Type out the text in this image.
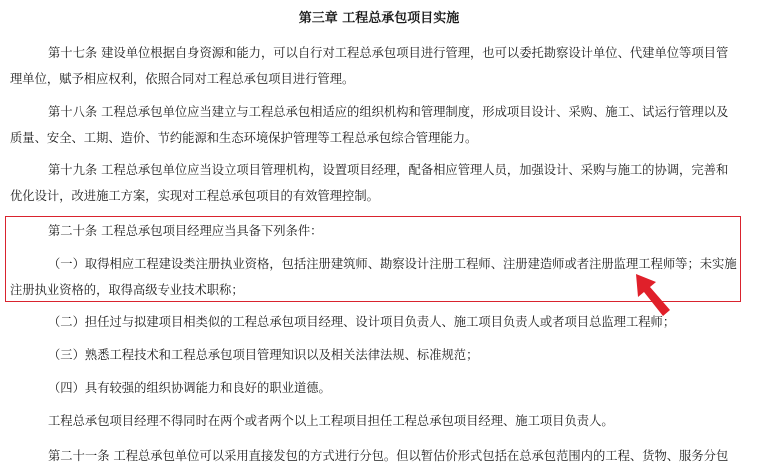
第三章 工程总承包项目实施
第十七条 建设单位根据自身资源和能力，可以自行对工程总承包项目进行管理，也可以委托勘察设计单位、代建单位等项目管
理单位，赋予相应权利，依照合同对工程总承包项目进行管理。
第十八条 工程总承包单位应当建立与工程总承包相适应的组织机构和管理制度，形成项目设计、采购、施工、试运行管理以及
质量、安全、工期、造价、节约能源和生态环境保护管理等工程总承包综合管理能力。
第十九条 工程总承包单位应当设立项目管理机构，设置项目经理，配备相应管理人员，加强设计、采购与施工的协调，完善和
优化设计，改进施工方案，实现对工程总承包项目的有效管理控制。
第二十条 工程总承包项目经理应当具备下列条件：
（一）取得相应工程建设类注册执业资格，包括注册建筑师、勘察设计注册工程师、注册建造师或者注册监理工程师等；未实施
注册执业资格的，取得高级专业技术职称；
（二）担任过与拟建项目相类似的工程总承包项目经理、设计项目负责人、施工项目负责人或者项目总监理工程师；
（三）熟悉工程技术和工程总承包项目管理知识以及相关法律法规、标准规范；
（四）具有较强的组织协调能力和良好的职业道德。
工程总承包项目经理不得同时在两个或者两个以上工程项目担任工程总承包项目经理、施工项目负责人。
第二十一条 工程总承包单位可以采用直接发包的方式进行分包。但以暂估价形式包括在总承包范围内的工程、货物、服务分包
